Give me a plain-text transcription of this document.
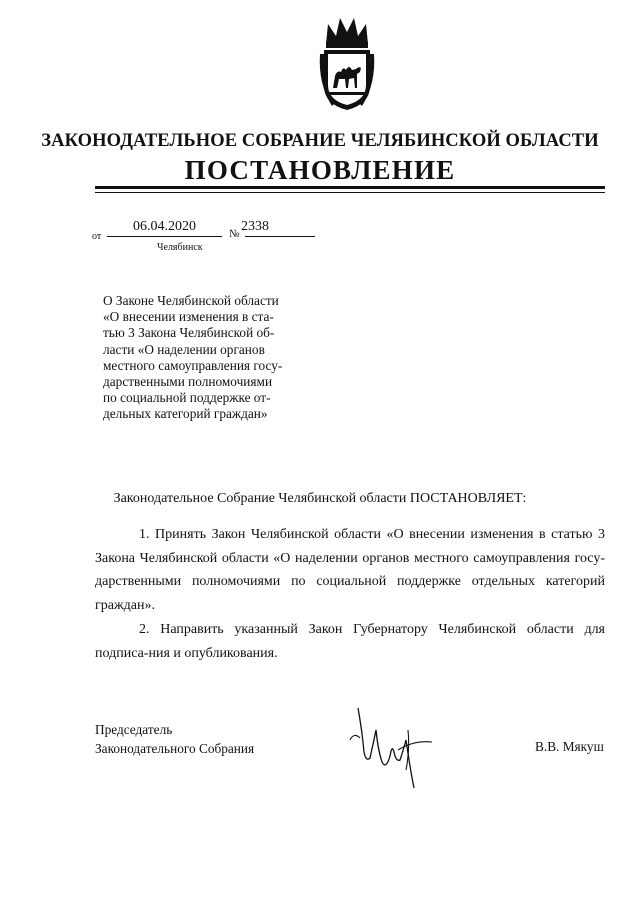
ЗАКОНОДАТЕЛЬНОЕ СОБРАНИЕ ЧЕЛЯБИНСКОЙ ОБЛАСТИ
ПОСТАНОВЛЕНИЕ
от
06.04.2020	№ 2338
Челябинск
О Законе Челябинской области
«О внесении изменения в ста-
тью 3 Закона Челябинской об-
ласти «О наделении органов
местного самоуправления госу-
дарственными полномочиями
по социальной поддержке от-
дельных категорий граждан»
Законодательное Собрание Челябинской области ПОСТАНОВЛЯЕТ:

1. Принять Закон Челябинской области «О внесении изменения в статью 3 Закона Челябинской области «О наделении органов местного самоуправления госу-дарственными полномочиями по социальной поддержке отдельных категорий граждан».

2. Направить указанный Закон Губернатору Челябинской области для подписа-ния и опубликования.

Председатель
Законодательного Собрания	В.В. Мякуш
